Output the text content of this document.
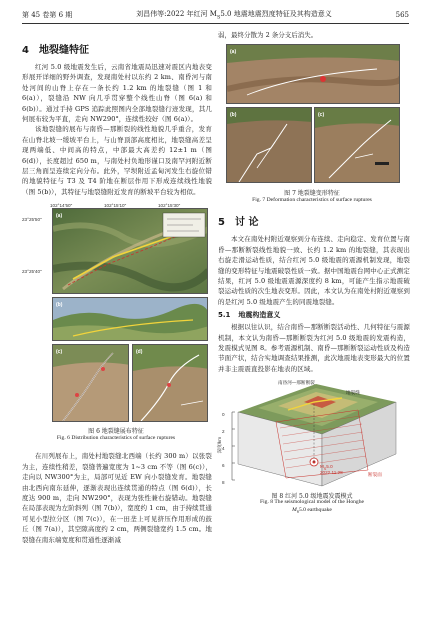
第 45 卷第 6 期	刘昌伟等:2022 年红河 $M_S5.0$ 地震地震烈度特征及其构造意义	565
4 地裂缝特征

红河 5.0 级地震发生后，云南省地震局迅速对震区内地表变形展开详细的野外调查，发现南处村以东约 2 km、南昏河与南处河间的山脊上存在一条长约 1.2 km 的地裂缝（图 1 和 6(a)），裂缝沿 NW 向几乎贯穿整个线性山脊（图 6(a) 和 6(b)）。通过手持 GPS 追踪此照图内全部地裂缝行迹发现，其几何展布较为平直，走向 NW290°，连续性较好（图 6(a)）。

该地裂缝的展布与南昏—那断裂的线性地貌几乎重合，发育在山脊北坡一缓坡平台上，与山脊顶部高度相比，地裂缝高差呈现两端低、中间高的特点，中部最大高差约 12±1 m（图 6(d)），长度超过 650 m，与南处村负地形谨口及南罕河附近断层三角面呈连续定向分布。此外，罕坝附近孟甸河发生右旋位错的地貌特征与 T3 及 T4 阶地在断层作用下形成连续线性地貌（图 5(b)），其特征与地裂缝附近发育的断坡平台较为相似。

102°14'50"	102°15'10"	102°15'30"
23°25'50"
23°25'40"
(a)
(b)
(c)	(d)
图 6 地裂缝展布特征
Fig. 6 Distribution characteristics of surface ruptures

在川列展布上，南处村地裂缝北西端（长约 300 m）以张裂为主，连续性稍差，裂缝普遍宽度为 1~3 cm 不等（图 6(c)），走向以 NW300°为主，局部可见近 EW 向小裂缝发育。地裂缝由北西向南东延伸，逐渐表现出连续贯通的特点（图 6(d)），长度达 900 m，走向 NW290°，表现为张性兼右旋错动。地裂缝在局部表现为左阶斜列（图 7(b)），宽度约 1 cm，由于持续贯通可见小型拉分区（图 7(c)），在一田垄上可见挤压作用形成的鼓丘（图 7(a)），其空隙高度约 2 cm，两侧裂缝宽约 1.5 cm。地裂缝在南东端宽度和贯通性逐渐减

弱，最终分散为 2 条分支后消失。

(a)
(b)	(c)
图 7 地裂缝变形特征
Fig. 7 Deformation characteristics of surface ruptures
5 讨 论

本文在南处村附近观察到分布连续、走向稳定、发育位置与南昏—那断断裂线性地貌一致、长约 1.2 km 的地裂缝，其表现出右旋走滑运动性质，结合红河 5.0 级地震的震源机制发现，地裂缝的变形特征与地震破裂性质一致。据中国地震台网中心正式测定结果，红河 5.0 级地震震源深度约 8 km，可能产生指示地震破裂运动性质的次生地表变形。因此，本文认为在南处村附近观察到的是红河 5.0 级地震产生的同震地裂缝。

5.1 地震构造意义

根据以往认识，结合南昏—那断断裂活动性、几何特征与震源机制，本文认为南昏—那断断裂为红河 5.0 级地震的发震构造，发震模式见图 8。参考震源机制、南昏—那断断裂运动性质及构造节面产状，结合实地调查结果推测，此次地震地表变形最大的位置并非主震震直投影在地表的区域。

0
2
4
6
8
深度/km
南昏河—那断断裂
地裂缝
$M_S5.0$
2022.11.28	断裂面
图 8 红河 5.0 级地震发震模式
Fig. 8 The seismological model of the Honghe
$M_S5.0$ earthquake
